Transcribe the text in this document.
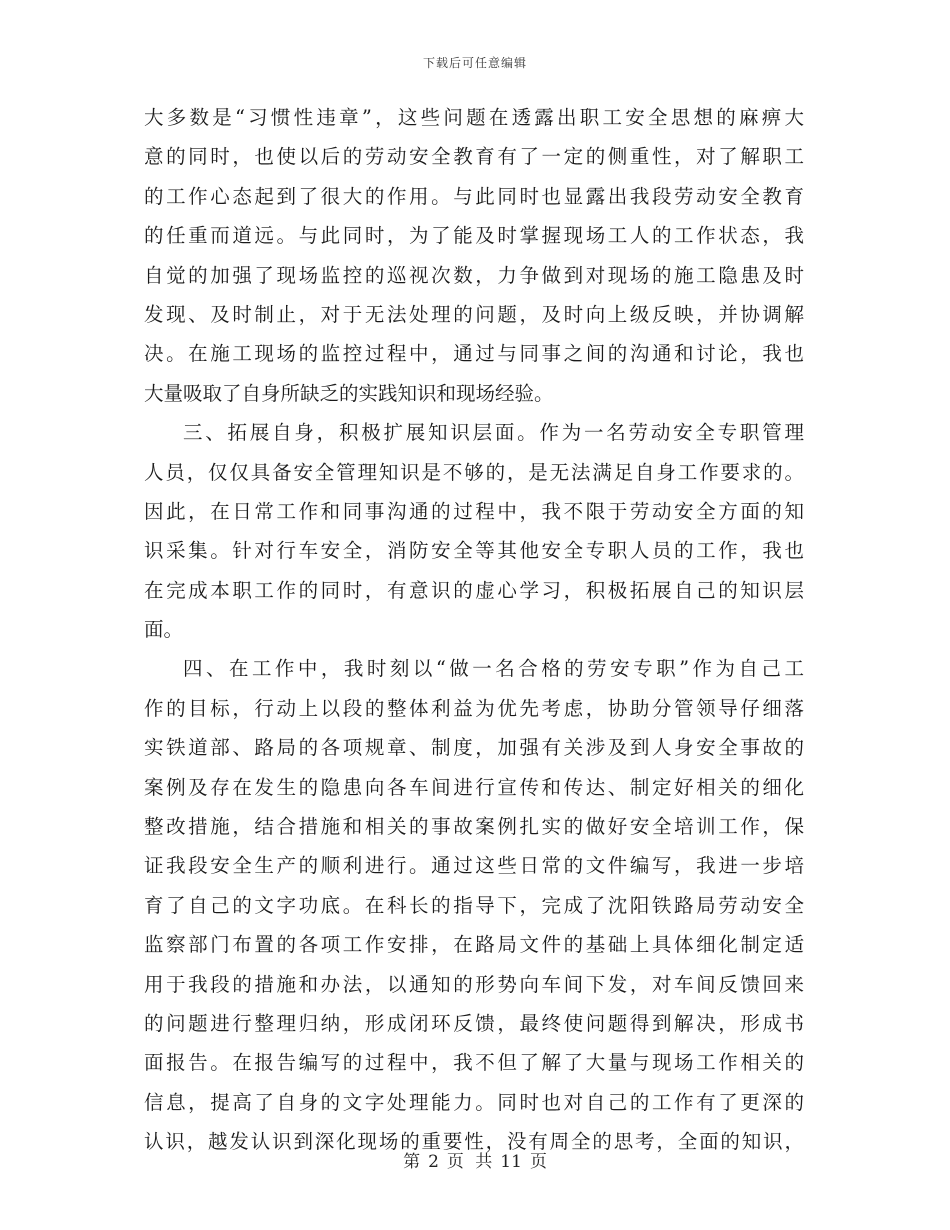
下载后可任意编辑
大多数是“习惯性违章”，这些问题在透露出职工安全思想的麻痹大
意的同时，也使以后的劳动安全教育有了一定的侧重性，对了解职工
的工作心态起到了很大的作用。与此同时也显露出我段劳动安全教育
的任重而道远。与此同时，为了能及时掌握现场工人的工作状态，我
自觉的加强了现场监控的巡视次数，力争做到对现场的施工隐患及时
发现、及时制止，对于无法处理的问题，及时向上级反映，并协调解
决。在施工现场的监控过程中，通过与同事之间的沟通和讨论，我也
大量吸取了自身所缺乏的实践知识和现场经验。
三、拓展自身，积极扩展知识层面。作为一名劳动安全专职管理
人员，仅仅具备安全管理知识是不够的，是无法满足自身工作要求的。
因此，在日常工作和同事沟通的过程中，我不限于劳动安全方面的知
识采集。针对行车安全，消防安全等其他安全专职人员的工作，我也
在完成本职工作的同时，有意识的虚心学习，积极拓展自己的知识层
面。
四、在工作中，我时刻以“做一名合格的劳安专职”作为自己工
作的目标，行动上以段的整体利益为优先考虑，协助分管领导仔细落
实铁道部、路局的各项规章、制度，加强有关涉及到人身安全事故的
案例及存在发生的隐患向各车间进行宣传和传达、制定好相关的细化
整改措施，结合措施和相关的事故案例扎实的做好安全培训工作，保
证我段安全生产的顺利进行。通过这些日常的文件编写，我进一步培
育了自己的文字功底。在科长的指导下，完成了沈阳铁路局劳动安全
监察部门布置的各项工作安排，在路局文件的基础上具体细化制定适
用于我段的措施和办法，以通知的形势向车间下发，对车间反馈回来
的问题进行整理归纳，形成闭环反馈，最终使问题得到解决，形成书
面报告。在报告编写的过程中，我不但了解了大量与现场工作相关的
信息，提高了自身的文字处理能力。同时也对自己的工作有了更深的
认识，越发认识到深化现场的重要性，没有周全的思考，全面的知识，
第 2 页 共 11 页
